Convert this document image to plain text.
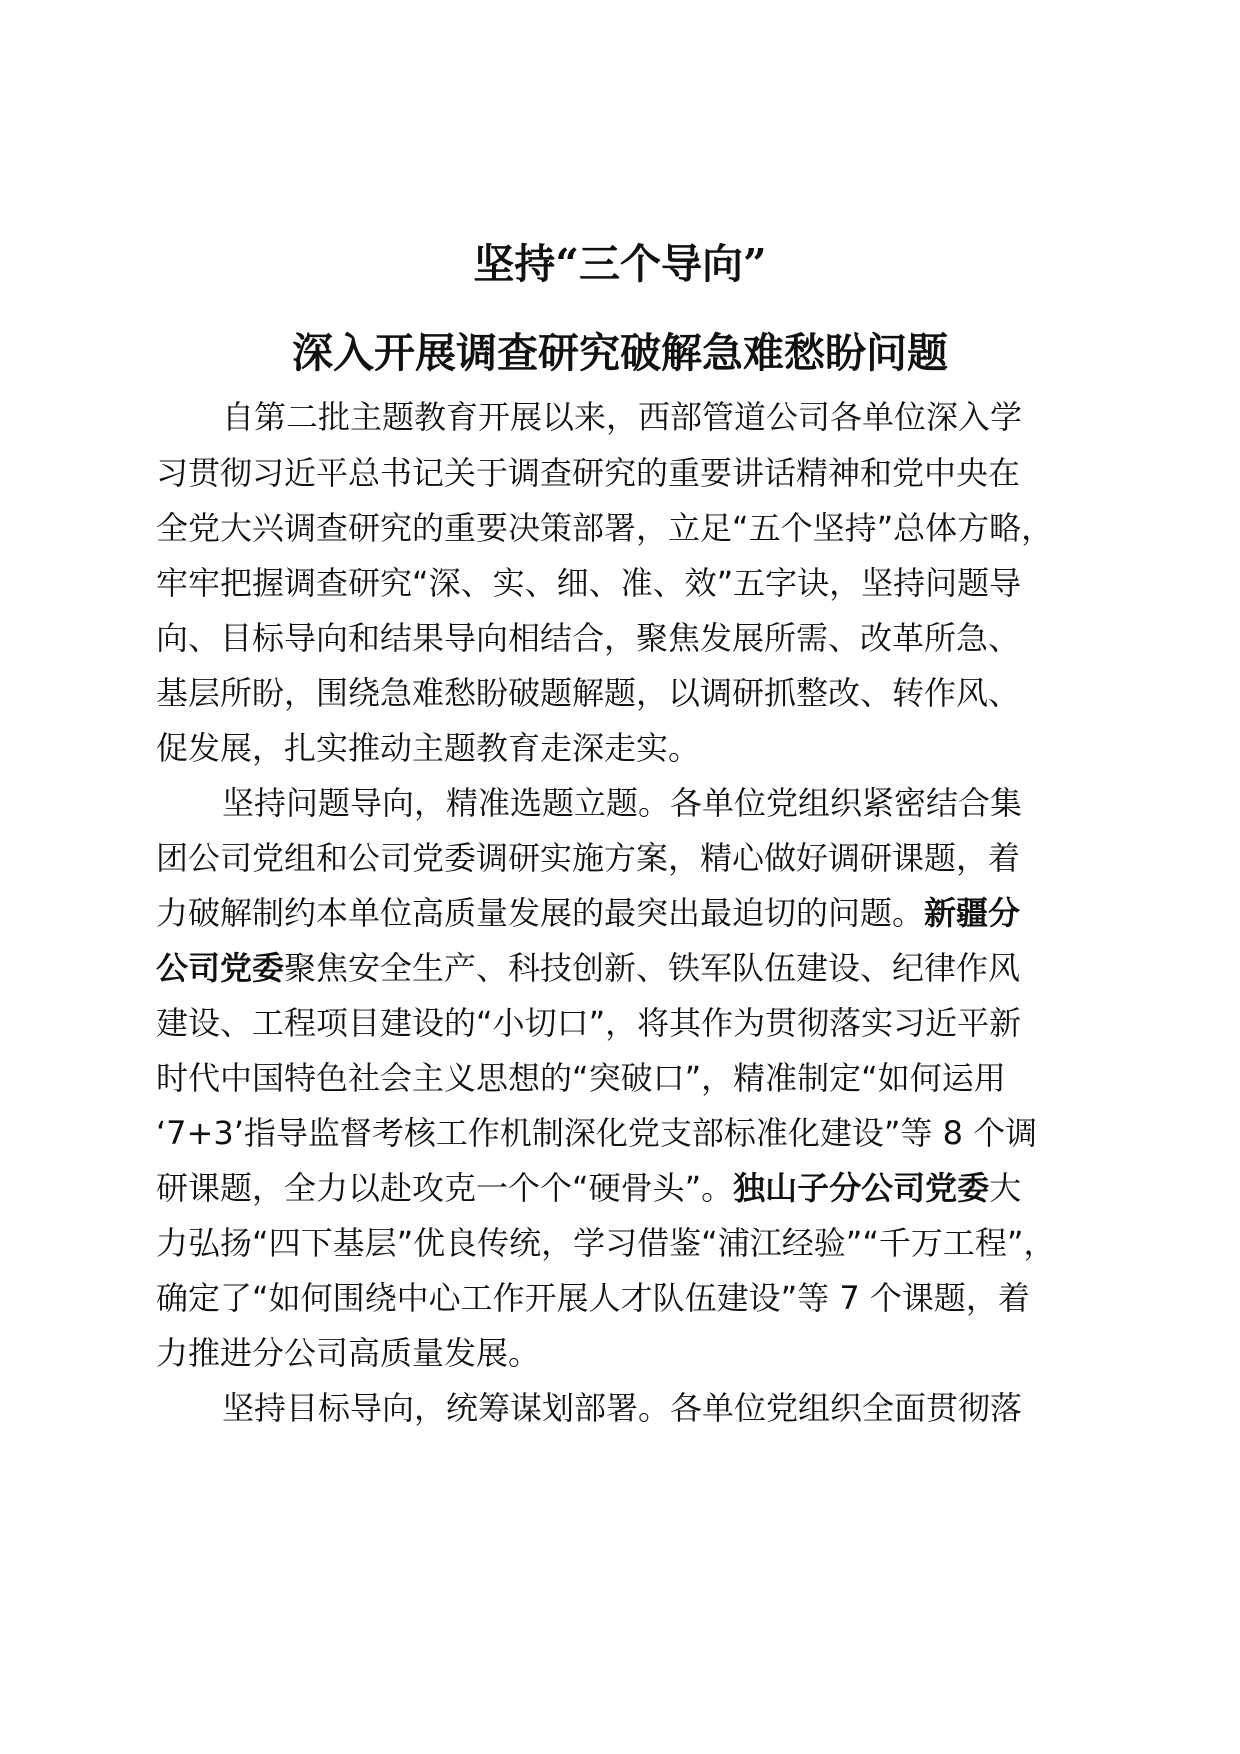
坚持“三个导向”
深入开展调查研究破解急难愁盼问题
自第二批主题教育开展以来，西部管道公司各单位深入学
习贯彻习近平总书记关于调查研究的重要讲话精神和党中央在
全党大兴调查研究的重要决策部署，立足“五个坚持”总体方略，
牢牢把握调查研究“深、实、细、准、效”五字诀，坚持问题导
向、目标导向和结果导向相结合，聚焦发展所需、改革所急、
基层所盼，围绕急难愁盼破题解题，以调研抓整改、转作风、
促发展，扎实推动主题教育走深走实。
坚持问题导向，精准选题立题。各单位党组织紧密结合集
团公司党组和公司党委调研实施方案，精心做好调研课题，着
力破解制约本单位高质量发展的最突出最迫切的问题。新疆分
公司党委聚焦安全生产、科技创新、铁军队伍建设、纪律作风
建设、工程项目建设的“小切口”，将其作为贯彻落实习近平新
时代中国特色社会主义思想的“突破口”，精准制定“如何运用
‘7+3’指导监督考核工作机制深化党支部标准化建设”等 8 个调
研课题，全力以赴攻克一个个“硬骨头”。独山子分公司党委大
力弘扬“四下基层”优良传统，学习借鉴“浦江经验”“千万工程”，
确定了“如何围绕中心工作开展人才队伍建设”等 7 个课题，着
力推进分公司高质量发展。
坚持目标导向，统筹谋划部署。各单位党组织全面贯彻落
